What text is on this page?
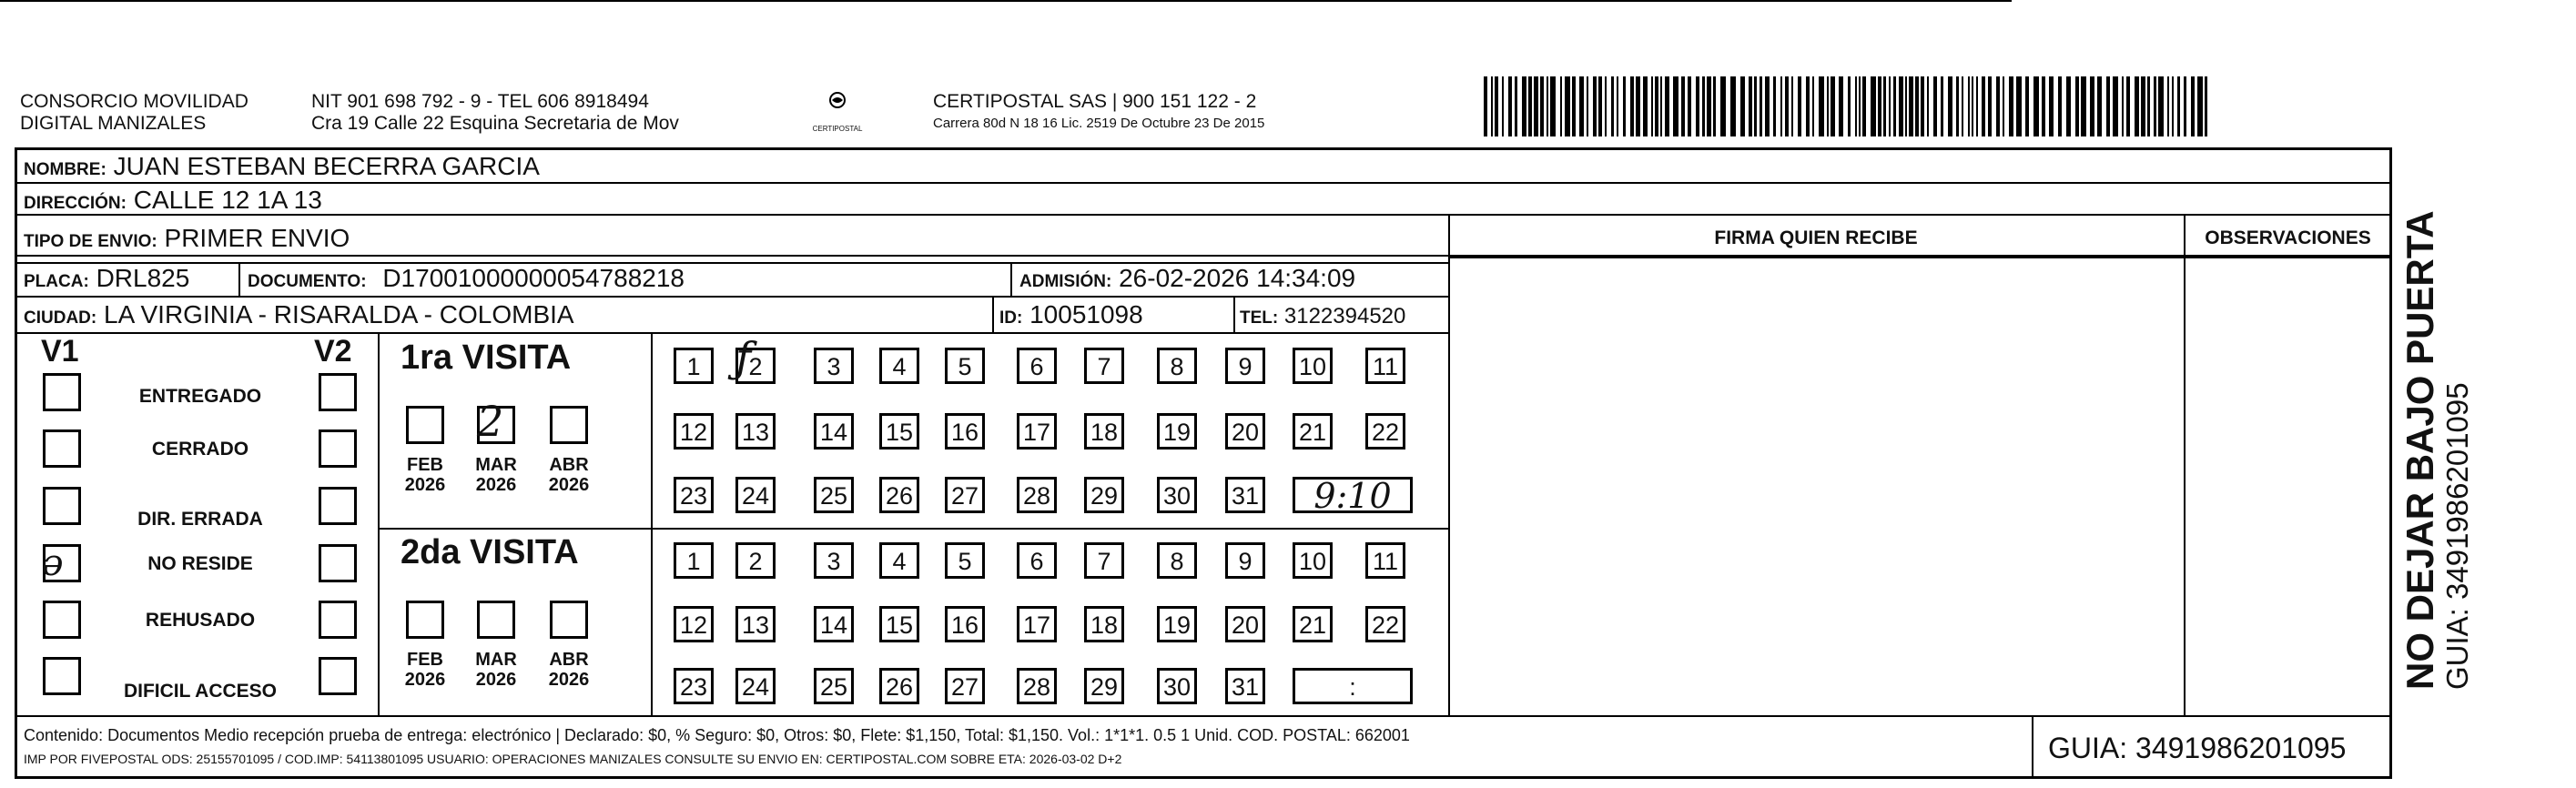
CONSORCIO MOVILIDAD
DIGITAL MANIZALES
NIT 901 698 792 - 9 - TEL 606 8918494
Cra 19 Calle 22 Esquina Secretaria de Mov	CERTIPOSTAL
CERTIPOSTAL SAS | 900 151 122 - 2
Carrera 80d N 18 16 Lic. 2519 De Octubre 23 De 2015
NOMBRE: JUAN ESTEBAN BECERRA GARCIA
DIRECCIÓN: CALLE 12 1A 13
TIPO DE ENVIO: PRIMER ENVIO
PLACA: DRL825	DOCUMENTO: D17001000000054788218	ADMISIÓN: 26-02-2026 14:34:09
CIUDAD: LA VIRGINIA - RISARALDA - COLOMBIA	ID: 10051098	TEL: 3122394520
FIRMA QUIEN RECIBE	OBSERVACIONES
V1	V2
ENTREGADO
CERRADO
DIR. ERRADA
NO RESIDE
REHUSADO
DIFICIL ACCESO
1ra VISITA
2da VISITA
FEB
2026
MAR
2026
ABR
2026
FEB
2026
MAR
2026
ABR
2026
1	2	3	4	5	6	7	8	9	10 11
12 13 14 15 16 17 18 19 20 21 22
23 24 25 26 27 28 29 30 31	9:10
1	2	3	4	5	6	7	8	9	10 11
12 13 14 15 16 17 18 19 20 21 22
23 24 25 26 27 28 29 30 31	:
2
ƒ
ə
Contenido: Documentos Medio recepción prueba de entrega: electrónico | Declarado: $0, % Seguro: $0, Otros: $0, Flete: $1,150, Total: $1,150. Vol.: 1*1*1. 0.5 1 Unid. COD. POSTAL: 662001
IMP POR FIVEPOSTAL ODS: 25155701095 / COD.IMP: 54113801095 USUARIO: OPERACIONES MANIZALES CONSULTE SU ENVIO EN: CERTIPOSTAL.COM SOBRE ETA: 2026-03-02 D+2	GUIA: 3491986201095
NO DEJAR BAJO PUERTA GUIA: 3491986201095
